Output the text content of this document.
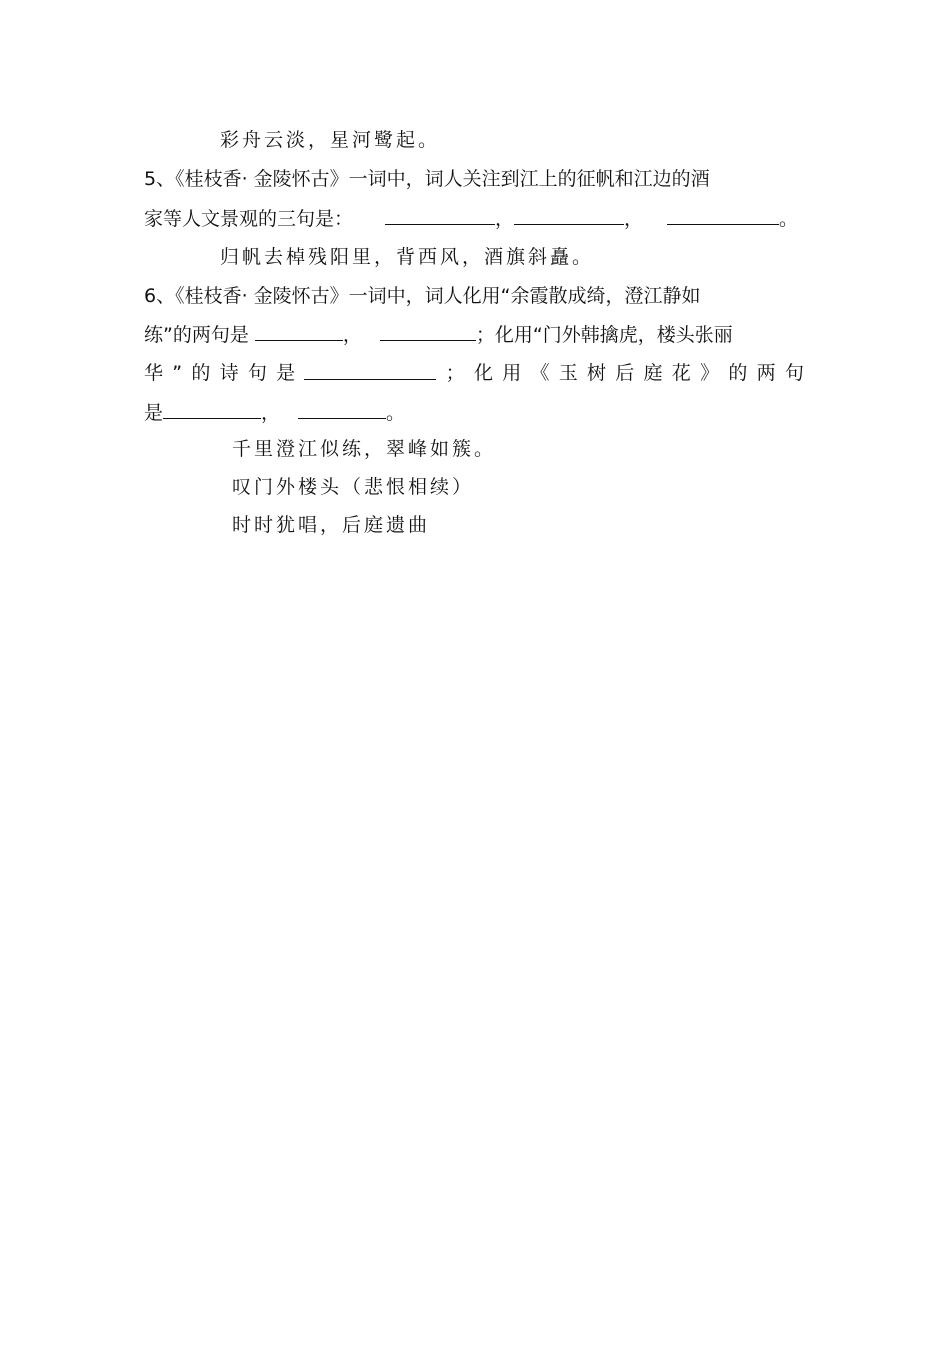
彩舟云淡，星河鹭起。
5、《桂枝香· 金陵怀古》一词中，词人关注到江上的征帆和江边的酒
家等人文景观的三句是：	，	，	。
归帆去棹残阳里，背西风，酒旗斜矗。
6、《桂枝香· 金陵怀古》一词中，词人化用“余霞散成绮，澄江静如
练”的两句是	，	；化用“门外韩擒虎，楼头张丽
华 ” 的 诗 句 是	； 化 用 《 玉 树 后 庭 花 》 的 两 句
是	，	。
千里澄江似练，翠峰如簇。
叹门外楼头（悲恨相续）
时时犹唱，后庭遗曲
